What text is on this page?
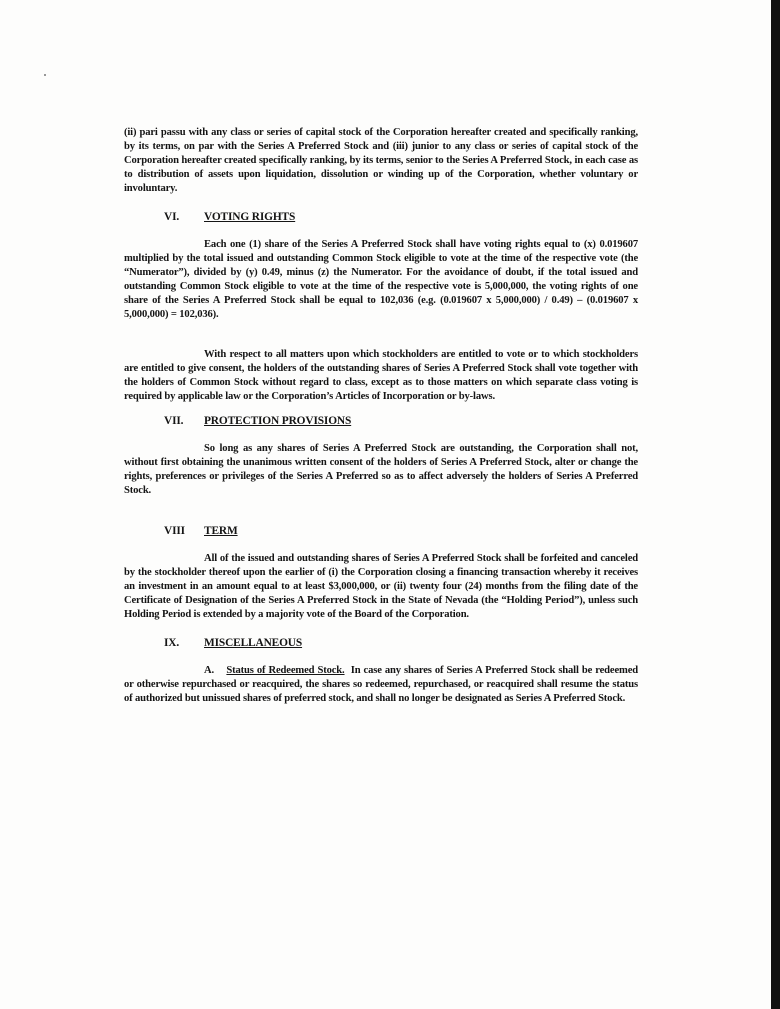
(ii) pari passu with any class or series of capital stock of the Corporation hereafter created and specifically ranking, by its terms, on par with the Series A Preferred Stock and (iii) junior to any class or series of capital stock of the Corporation hereafter created specifically ranking, by its terms, senior to the Series A Preferred Stock, in each case as to distribution of assets upon liquidation, dissolution or winding up of the Corporation, whether voluntary or involuntary.

VI.	VOTING RIGHTS

Each one (1) share of the Series A Preferred Stock shall have voting rights equal to (x) 0.019607 multiplied by the total issued and outstanding Common Stock eligible to vote at the time of the respective vote (the “Numerator”), divided by (y) 0.49, minus (z) the Numerator. For the avoidance of doubt, if the total issued and outstanding Common Stock eligible to vote at the time of the respective vote is 5,000,000, the voting rights of one share of the Series A Preferred Stock shall be equal to 102,036 (e.g. (0.019607 x 5,000,000) / 0.49) – (0.019607 x 5,000,000) = 102,036).

With respect to all matters upon which stockholders are entitled to vote or to which stockholders are entitled to give consent, the holders of the outstanding shares of Series A Preferred Stock shall vote together with the holders of Common Stock without regard to class, except as to those matters on which separate class voting is required by applicable law or the Corporation’s Articles of Incorporation or by-laws.

VII.	PROTECTION PROVISIONS

So long as any shares of Series A Preferred Stock are outstanding, the Corporation shall not, without first obtaining the unanimous written consent of the holders of Series A Preferred Stock, alter or change the rights, preferences or privileges of the Series A Preferred so as to affect adversely the holders of Series A Preferred Stock.

VIII	TERM

All of the issued and outstanding shares of Series A Preferred Stock shall be forfeited and canceled by the stockholder thereof upon the earlier of (i) the Corporation closing a financing transaction whereby it receives an investment in an amount equal to at least $3,000,000, or (ii) twenty four (24) months from the filing date of the Certificate of Designation of the Series A Preferred Stock in the State of Nevada (the “Holding Period”), unless such Holding Period is extended by a majority vote of the Board of the Corporation.

IX.	MISCELLANEOUS

A. Status of Redeemed Stock. In case any shares of Series A Preferred Stock shall be redeemed or otherwise repurchased or reacquired, the shares so redeemed, repurchased, or reacquired shall resume the status of authorized but unissued shares of preferred stock, and shall no longer be designated as Series A Preferred Stock.
